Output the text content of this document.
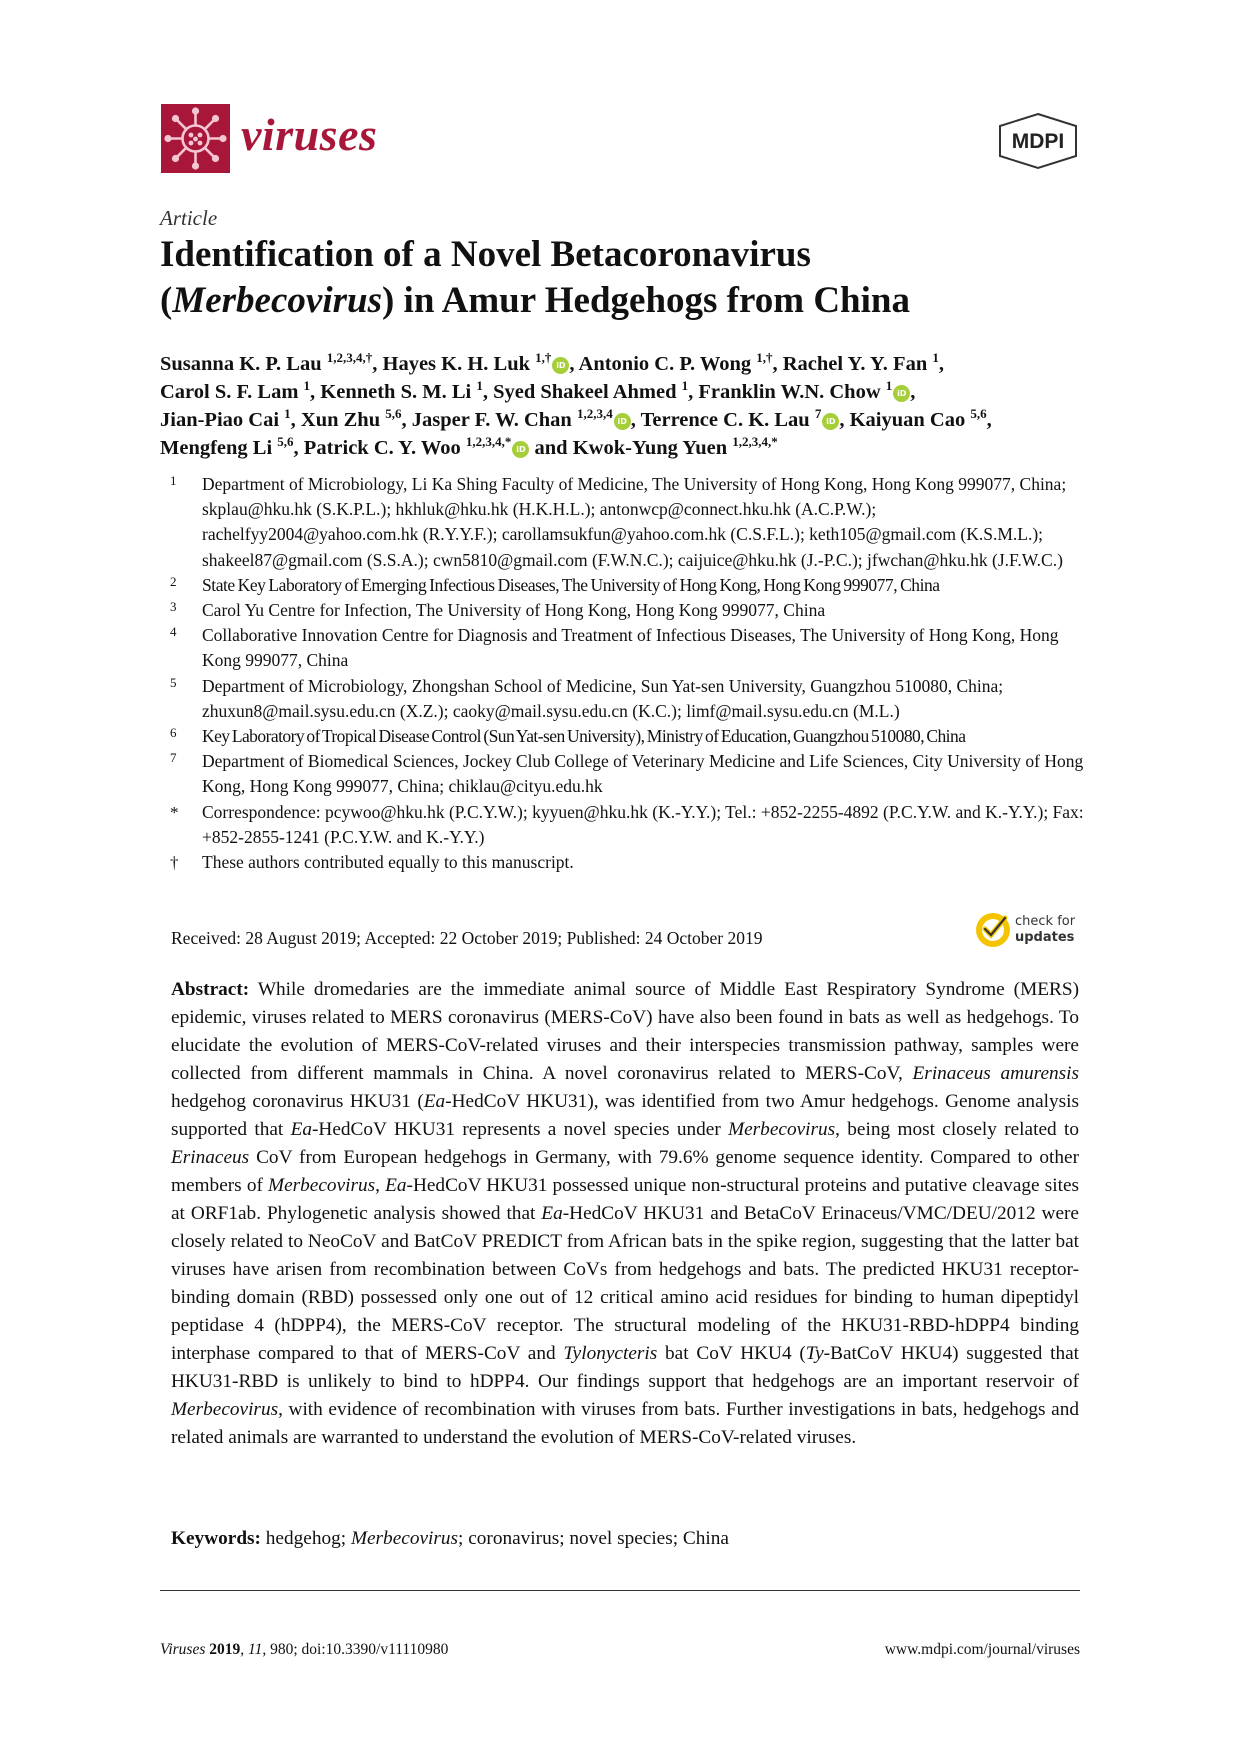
viruses	MDPI
Article
Identification of a Novel Betacoronavirus
(Merbecovirus) in Amur Hedgehogs from China
Susanna K. P. Lau $^{1,2,3,4,\dagger}$, Hayes K. H. Luk $^{1,\dagger}$iD , Antonio C. P. Wong $^{1,\dagger}$, Rachel Y. Y. Fan $^1$,
Carol S. F. Lam $^1$, Kenneth S. M. Li $^1$, Syed Shakeel Ahmed $^1$, Franklin W.N. Chow $^1$iD ,
Jian-Piao Cai $^1$, Xun Zhu $^{5,6}$, Jasper F. W. Chan $^{1,2,3,4}$iD , Terrence C. K. Lau $^7$iD , Kaiyuan Cao $^{5,6}$,
Mengfeng Li $^{5,6}$, Patrick C. Y. Woo $^{1,2,3,4,*}$iD and Kwok-Yung Yuen $^{1,2,3,4,*}$
1	Department of Microbiology, Li Ka Shing Faculty of Medicine, The University of Hong Kong, Hong Kong 999077, China; skplau@hku.hk (S.K.P.L.); hkhluk@hku.hk (H.K.H.L.); antonwcp@connect.hku.hk (A.C.P.W.); rachelfyy2004@yahoo.com.hk (R.Y.Y.F.); carollamsukfun@yahoo.com.hk (C.S.F.L.); keth105@gmail.com (K.S.M.L.); shakeel87@gmail.com (S.S.A.); cwn5810@gmail.com (F.W.N.C.); caijuice@hku.hk (J.-P.C.); jfwchan@hku.hk (J.F.W.C.)
2	State Key Laboratory of Emerging Infectious Diseases, The University of Hong Kong, Hong Kong 999077, China
3	Carol Yu Centre for Infection, The University of Hong Kong, Hong Kong 999077, China
4	Collaborative Innovation Centre for Diagnosis and Treatment of Infectious Diseases, The University of Hong Kong, Hong Kong 999077, China
5	Department of Microbiology, Zhongshan School of Medicine, Sun Yat-sen University, Guangzhou 510080, China; zhuxun8@mail.sysu.edu.cn (X.Z.); caoky@mail.sysu.edu.cn (K.C.); limf@mail.sysu.edu.cn (M.L.)
6	Key Laboratory of Tropical Disease Control (Sun Yat-sen University), Ministry of Education, Guangzhou 510080, China
7	Department of Biomedical Sciences, Jockey Club College of Veterinary Medicine and Life Sciences, City University of Hong Kong, Hong Kong 999077, China; chiklau@cityu.edu.hk
*	Correspondence: pcywoo@hku.hk (P.C.Y.W.); kyyuen@hku.hk (K.-Y.Y.); Tel.: +852-2255-4892 (P.C.Y.W. and K.-Y.Y.); Fax: +852-2855-1241 (P.C.Y.W. and K.-Y.Y.)
†	These authors contributed equally to this manuscript.
Received: 28 August 2019; Accepted: 22 October 2019; Published: 24 October 2019
check for
updates
Abstract: While dromedaries are the immediate animal source of Middle East Respiratory Syndrome (MERS) epidemic, viruses related to MERS coronavirus (MERS-CoV) have also been found in bats as well as hedgehogs. To elucidate the evolution of MERS-CoV-related viruses and their interspecies transmission pathway, samples were collected from different mammals in China. A novel coronavirus related to MERS-CoV, Erinaceus amurensis hedgehog coronavirus HKU31 (Ea-HedCoV HKU31), was identified from two Amur hedgehogs. Genome analysis supported that Ea-HedCoV HKU31 represents a novel species under Merbecovirus, being most closely related to Erinaceus CoV from European hedgehogs in Germany, with 79.6% genome sequence identity. Compared to other members of Merbecovirus, Ea-HedCoV HKU31 possessed unique non-structural proteins and putative cleavage sites at ORF1ab. Phylogenetic analysis showed that Ea-HedCoV HKU31 and BetaCoV Erinaceus/VMC/DEU/2012 were closely related to NeoCoV and BatCoV PREDICT from African bats in the spike region, suggesting that the latter bat viruses have arisen from recombination between CoVs from hedgehogs and bats. The predicted HKU31 receptor-binding domain (RBD) possessed only one out of 12 critical amino acid residues for binding to human dipeptidyl peptidase 4 (hDPP4), the MERS-CoV receptor. The structural modeling of the HKU31-RBD-hDPP4 binding interphase compared to that of MERS-CoV and Tylonycteris bat CoV HKU4 (Ty-BatCoV HKU4) suggested that HKU31-RBD is unlikely to bind to hDPP4. Our findings support that hedgehogs are an important reservoir of Merbecovirus, with evidence of recombination with viruses from bats. Further investigations in bats, hedgehogs and related animals are warranted to understand the evolution of MERS-CoV-related viruses.
Keywords: hedgehog; Merbecovirus; coronavirus; novel species; China
Viruses 2019, 11, 980; doi:10.3390/v11110980	www.mdpi.com/journal/viruses
